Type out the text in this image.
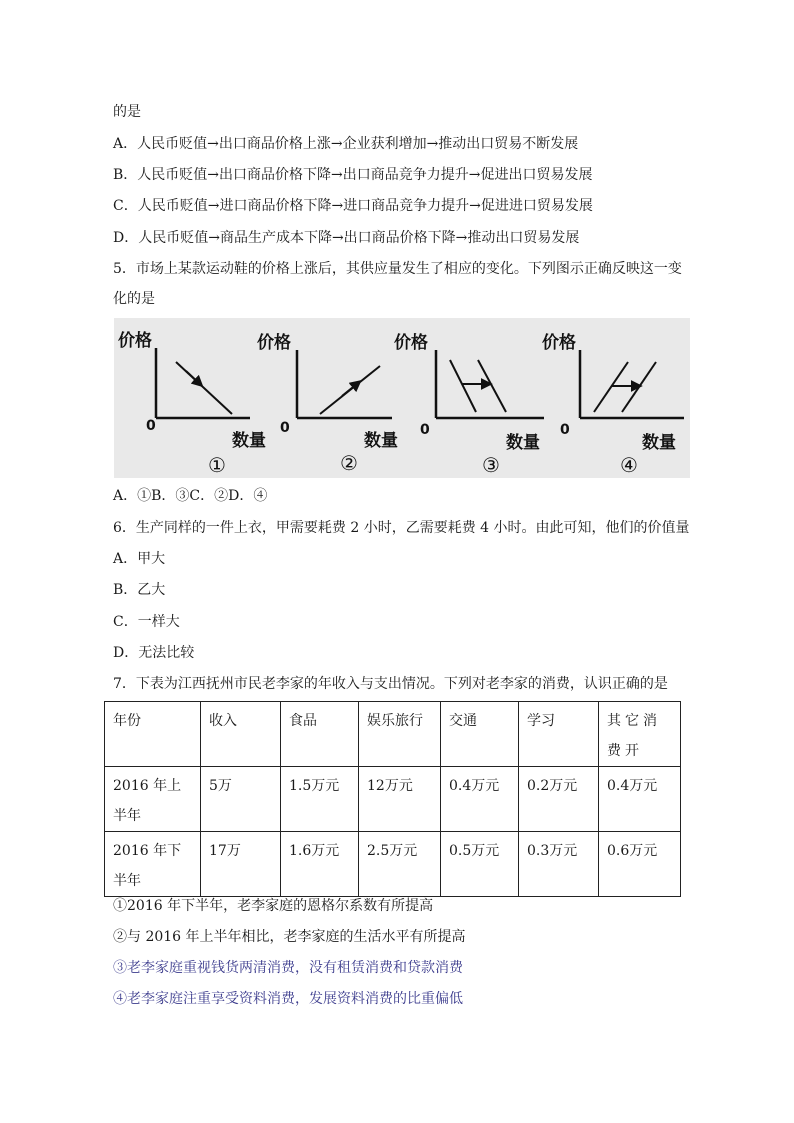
的是
A．人民币贬值→出口商品价格上涨→企业获利增加→推动出口贸易不断发展
B．人民币贬值→出口商品价格下降→出口商品竞争力提升→促进出口贸易发展
C．人民币贬值→进口商品价格下降→进口商品竞争力提升→促进进口贸易发展
D．人民币贬值→商品生产成本下降→出口商品价格下降→推动出口贸易发展
5．市场上某款运动鞋的价格上涨后，其供应量发生了相应的变化。下列图示正确反映这一变
化的是
价格
0
数量
①
价格
0
数量
②
价格
0
数量
③
价格
0
数量
④
A．①B．③C．②D．④
6．生产同样的一件上衣，甲需要耗费 2 小时，乙需要耗费 4 小时。由此可知，他们的价值量
A．甲大
B．乙大
C．一样大
D．无法比较
7．下表为江西抚州市民老李家的年收入与支出情况。下列对老李家的消费，认识正确的是
年份	收入	食品	娱乐旅行	交通	学习	其它消费开
2016 年上半年	5万	1.5万元	12万元	0.4万元	0.2万元	0.4万元
2016 年下半年	17万	1.6万元	2.5万元	0.5万元	0.3万元	0.6万元
①2016 年下半年，老李家庭的恩格尔系数有所提高
②与 2016 年上半年相比，老李家庭的生活水平有所提高
③老李家庭重视钱货两清消费，没有租赁消费和贷款消费
④老李家庭注重享受资料消费，发展资料消费的比重偏低
